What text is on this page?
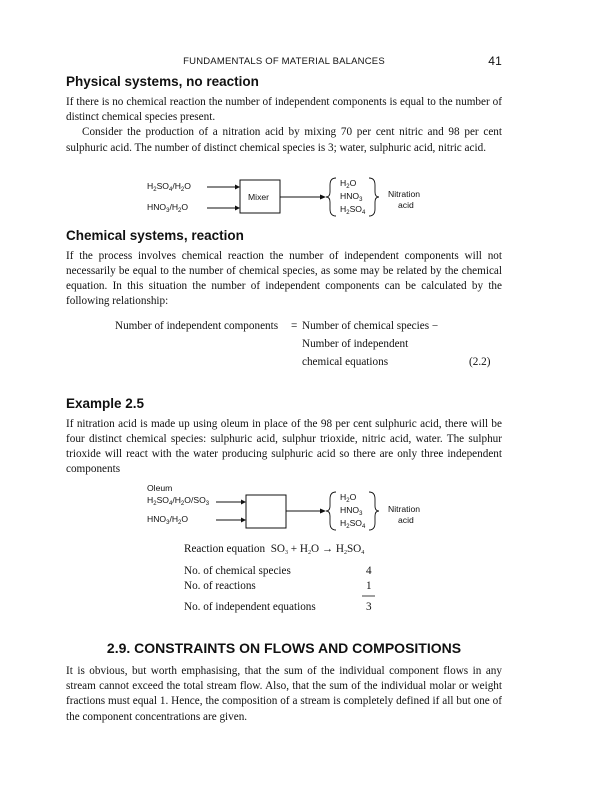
FUNDAMENTALS OF MATERIAL BALANCES	41
Physical systems, no reaction

If there is no chemical reaction the number of independent components is equal to the number of distinct chemical species present.

Consider the production of a nitration acid by mixing 70 per cent nitric and 98 per cent sulphuric acid. The number of distinct chemical species is 3; water, sulphuric acid, nitric acid.

Chemical systems, reaction

If the process involves chemical reaction the number of independent components will not necessarily be equal to the number of chemical species, as some may be related by the chemical equation. In this situation the number of independent components can be calculated by the following relationship:

Example 2.5

If nitration acid is made up using oleum in place of the 98 per cent sulphuric acid, there will be four distinct chemical species: sulphuric acid, sulphur trioxide, nitric acid, water. The sulphur trioxide will react with the water producing sulphuric acid so there are only three independent components

Number of independent components = Number of chemical species −
Number of independent
chemical equations	(2.2)
$H_2SO_4/H_2O$
$HNO_3/H_2O$
Mixer
$H_2O$
$HNO_3$
$H_2SO_4$
Nitration
acid
Oleum
$H_2SO_4/H_2O/SO_3$
$HNO_3/H_2O$
$H_2O$
$HNO_3$
$H_2SO_4$
Nitration
acid
Reaction equation $SO_3 + H_2O \to H_2SO_4$
No. of chemical species	4
No. of reactions	1
No. of independent equations	3
2.9. CONSTRAINTS ON FLOWS AND COMPOSITIONS

It is obvious, but worth emphasising, that the sum of the individual component flows in any stream cannot exceed the total stream flow. Also, that the sum of the individual molar or weight fractions must equal 1. Hence, the composition of a stream is completely defined if all but one of the component concentrations are given.
